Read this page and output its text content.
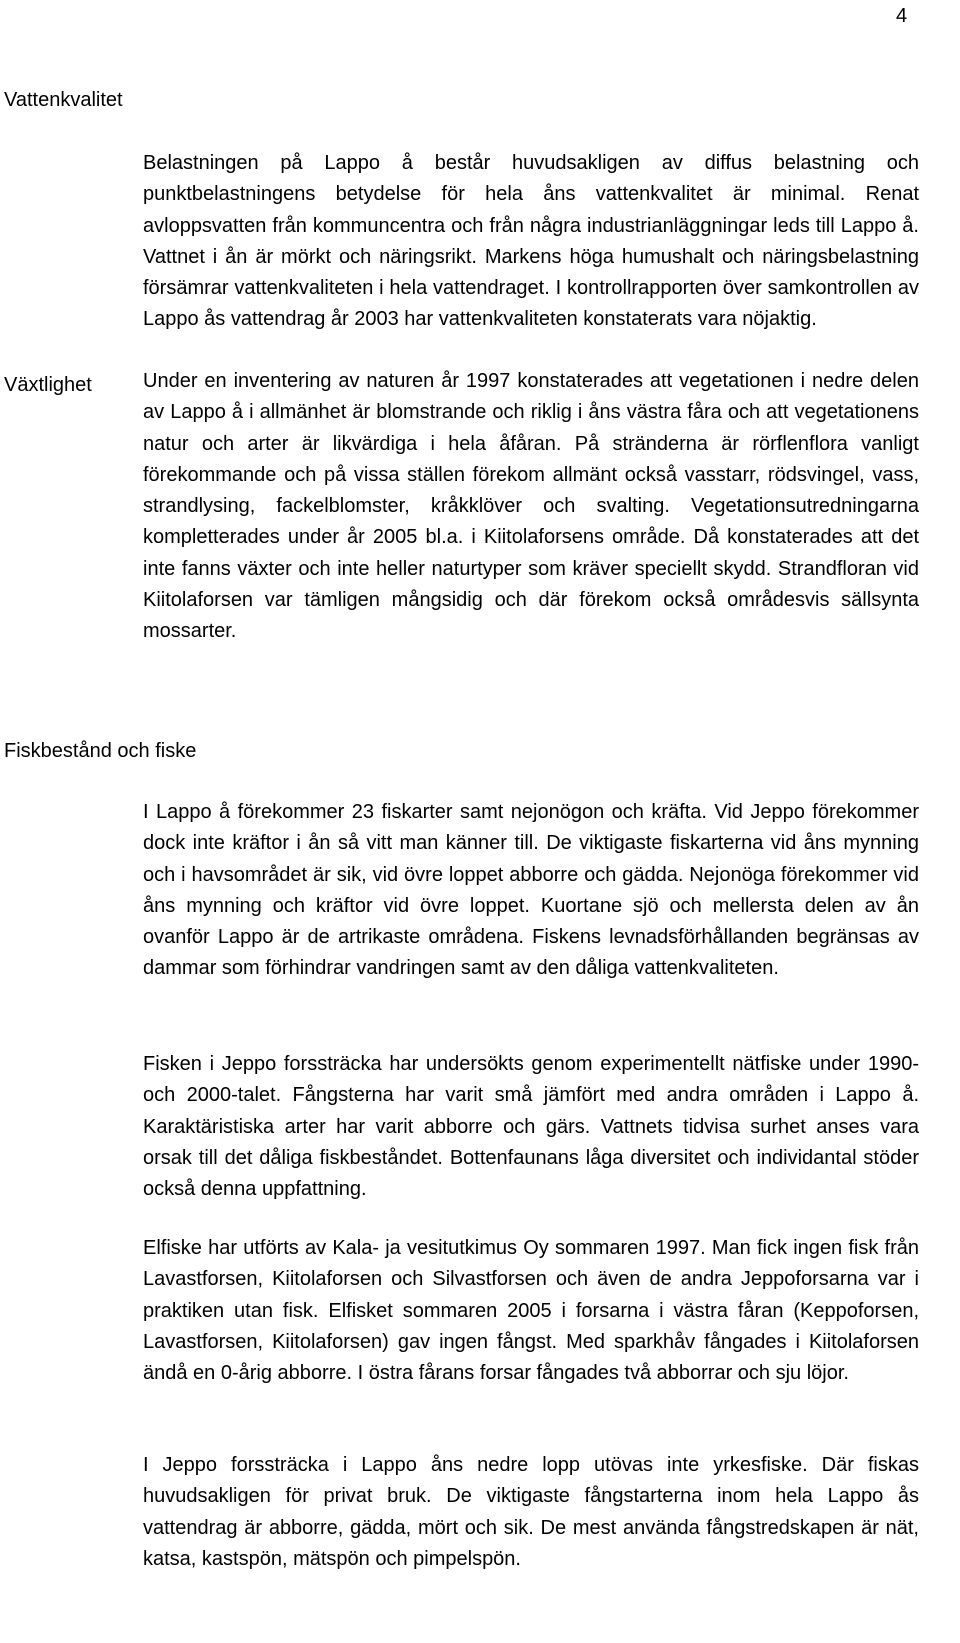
4
Vattenkvalitet

Belastningen på Lappo å består huvudsakligen av diffus belastning och punktbelastningens betydelse för hela åns vattenkvalitet är minimal. Renat avloppsvatten från kommuncentra och från några industrianläggningar leds till Lappo å. Vattnet i ån är mörkt och näringsrikt. Markens höga humushalt och näringsbelastning försämrar vattenkvaliteten i hela vattendraget. I kontrollrapporten över samkontrollen av Lappo ås vattendrag år 2003 har vattenkvaliteten konstaterats vara nöjaktig.

Växtlighet	Under en inventering av naturen år 1997 konstaterades att vegetationen i nedre delen av Lappo å i allmänhet är blomstrande och riklig i åns västra fåra och att vegetationens natur och arter är likvärdiga i hela åfåran. På stränderna är rörflenflora vanligt förekommande och på vissa ställen förekom allmänt också vasstarr, rödsvingel, vass, strandlysing, fackelblomster, kråkklöver och svalting. Vegetationsutredningarna kompletterades under år 2005 bl.a. i Kiitolaforsens område. Då konstaterades att det inte fanns växter och inte heller naturtyper som kräver speciellt skydd. Strandfloran vid Kiitolaforsen var tämligen mångsidig och där förekom också områdesvis sällsynta mossarter.

Fiskbestånd och fiske

I Lappo å förekommer 23 fiskarter samt nejonögon och kräfta. Vid Jeppo förekommer dock inte kräftor i ån så vitt man känner till. De viktigaste fiskarterna vid åns mynning och i havsområdet är sik, vid övre loppet abborre och gädda. Nejonöga förekommer vid åns mynning och kräftor vid övre loppet. Kuortane sjö och mellersta delen av ån ovanför Lappo är de artrikaste områdena. Fiskens levnadsförhållanden begränsas av dammar som förhindrar vandringen samt av den dåliga vattenkvaliteten.

Fisken i Jeppo forssträcka har undersökts genom experimentellt nätfiske under 1990- och 2000-talet. Fångsterna har varit små jämfört med andra områden i Lappo å. Karaktäristiska arter har varit abborre och gärs. Vattnets tidvisa surhet anses vara orsak till det dåliga fiskbeståndet. Bottenfaunans låga diversitet och individantal stöder också denna uppfattning.

Elfiske har utförts av Kala- ja vesitutkimus Oy sommaren 1997. Man fick ingen fisk från Lavastforsen, Kiitolaforsen och Silvastforsen och även de andra Jeppoforsarna var i praktiken utan fisk. Elfisket sommaren 2005 i forsarna i västra fåran (Keppoforsen, Lavastforsen, Kiitolaforsen) gav ingen fångst. Med sparkhåv fångades i Kiitolaforsen ändå en 0-årig abborre. I östra fårans forsar fångades två abborrar och sju löjor.

I Jeppo forssträcka i Lappo åns nedre lopp utövas inte yrkesfiske. Där fiskas huvudsakligen för privat bruk. De viktigaste fångstarterna inom hela Lappo ås vattendrag är abborre, gädda, mört och sik. De mest använda fångstredskapen är nät, katsa, kastspön, mätspön och pimpelspön.
